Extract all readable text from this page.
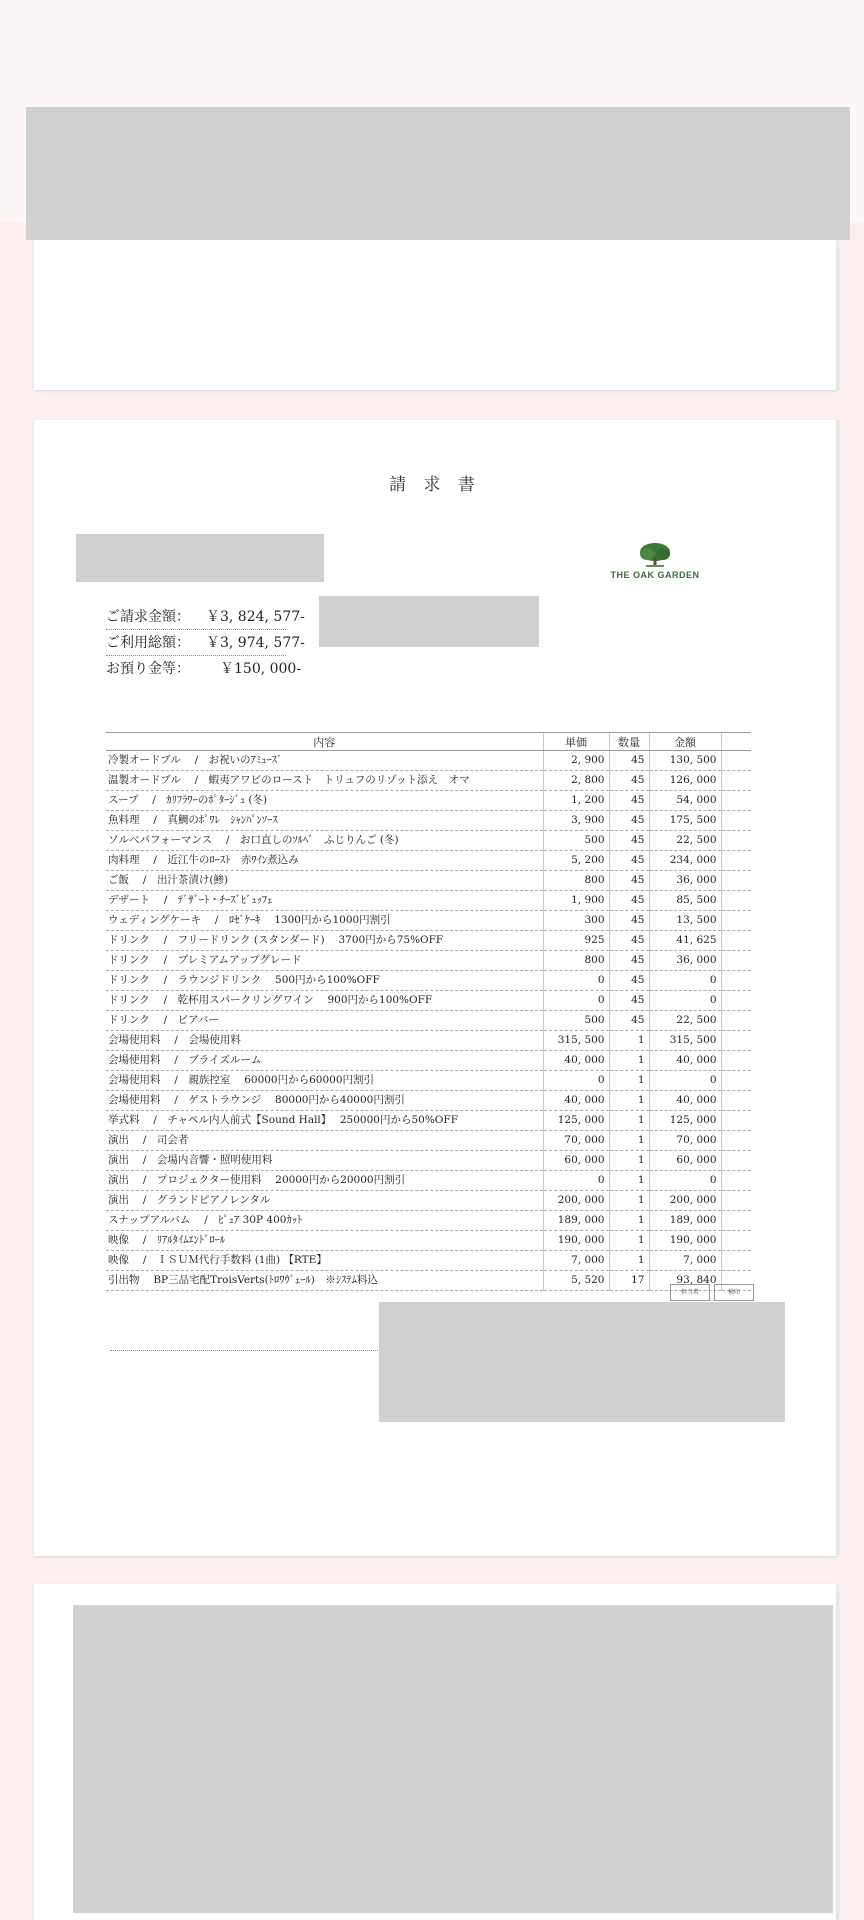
請 求 書
THE OAK GARDEN
ご請求金額： ￥3, 824, 577-
ご利用総額： ￥3, 974, 577-
お預り金等： ￥150, 000-
内容	単価	数量	金額	
冷製オードブル　 /　お祝いのｱﾐｭｰｽﾞ	2, 900	45	130, 500	
温製オードブル　 /　蝦夷アワビのロースト　トリュフのリゾット添え　オマ	2, 800	45	126, 000	
スープ　 /　ｶﾘﾌﾗﾜｰのﾎﾟﾀｰｼﾞｭ (冬)	1, 200	45	54, 000	
魚料理　 /　真鯛のﾎﾟﾜﾚ　ｼｬﾝﾊﾟﾝｿｰｽ	3, 900	45	175, 500	
ソルベパフォーマンス　 /　お口直しのｿﾙﾍﾞ　ふじりんご (冬)	500	45	22, 500	
肉料理　 /　近江牛のﾛｰｽﾄ　赤ﾜｲﾝ煮込み	5, 200	45	234, 000	
ご飯　 /　出汁茶漬け(鯵)	800	45	36, 000	
デザート　 /　ﾃﾞｻﾞｰﾄ・ﾁｰｽﾞﾋﾞｭｯﾌｪ	1, 900	45	85, 500	
ウェディングケーキ　 /　ﾛｾﾞｹｰｷ　 1300円から1000円割引	300	45	13, 500	
ドリンク　 /　フリードリンク (スタンダード)　 3700円から75%OFF	925	45	41, 625	
ドリンク　 /　プレミアムアップグレード	800	45	36, 000	
ドリンク　 /　ラウンジドリンク　 500円から100%OFF	0	45	0	
ドリンク　 /　乾杯用スパークリングワイン　 900円から100%OFF	0	45	0	
ドリンク　 /　ビアバー	500	45	22, 500	
会場使用料　 /　会場使用料	315, 500	1	315, 500	
会場使用料　 /　ブライズルーム	40, 000	1	40, 000	
会場使用料　 /　親族控室　 60000円から60000円割引	0	1	0	
会場使用料　 /　ゲストラウンジ　 80000円から40000円割引	40, 000	1	40, 000	
挙式料　 /　チャペル内人前式【Sound Hall】　 250000円から50%OFF	125, 000	1	125, 000	
演出　 /　司会者	70, 000	1	70, 000	
演出　 /　会場内音響・照明使用料	60, 000	1	60, 000	
演出　 /　プロジェクター使用料　 20000円から20000円割引	0	1	0	
演出　 /　グランドピアノレンタル	200, 000	1	200, 000	
スナップアルバム　 /　ﾋﾟｭｱ 30P 400ｶｯﾄ	189, 000	1	189, 000	
映像　 /　ﾘｱﾙﾀｲﾑｴﾝﾄﾞﾛｰﾙ	190, 000	1	190, 000	
映像　 /　ＩＳＵＭ代行手数料 (1曲) 【RTE】	7, 000	1	7, 000	
引出物　 BP三品宅配TroisVerts(ﾄﾛﾜｳﾞｪｰﾙ)　※ｼｽﾃﾑ料込	5, 520	17	93, 840	
担当者	検印
